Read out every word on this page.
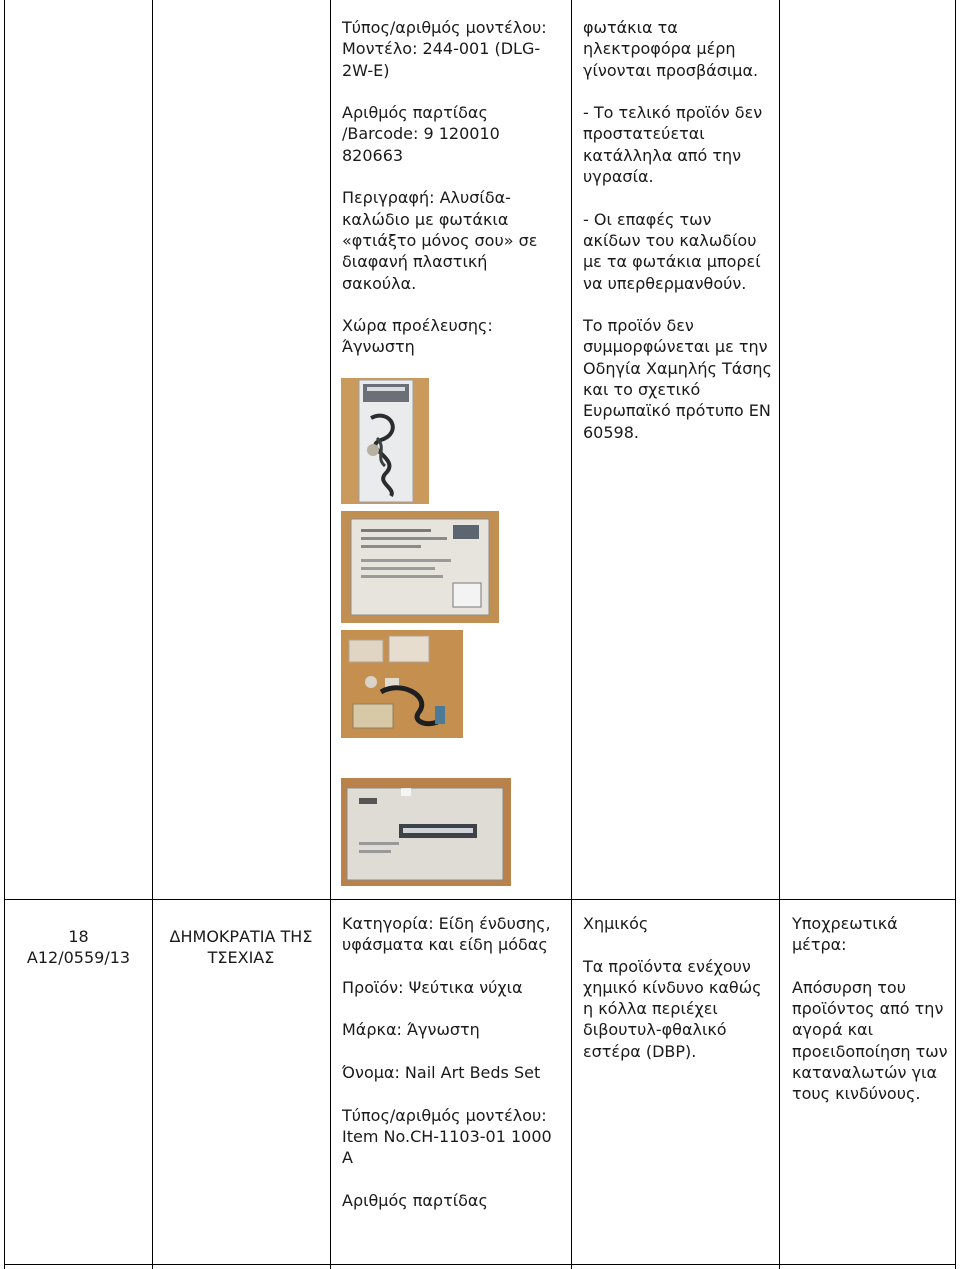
Τύπος/αριθμός μοντέλου: Μοντέλο: 244-001 (DLG-2W-E)

Αριθμός παρτίδας /Barcode: 9 120010 820663

Περιγραφή: Αλυσίδα-καλώδιο με φωτάκια «φτιάξτο μόνος σου» σε διαφανή πλαστική σακούλα.

Χώρα προέλευσης: Άγνωστη

φωτάκια τα ηλεκτροφόρα μέρη γίνονται προσβάσιμα.

- Το τελικό προϊόν δεν προστατεύεται κατάλληλα από την υγρασία.

- Οι επαφές των ακίδων του καλωδίου με τα φωτάκια μπορεί να υπερθερμανθούν.

Το προϊόν δεν συμμορφώνεται με την Οδηγία Χαμηλής Τάσης και το σχετικό Ευρωπαϊκό πρότυπο EN 60598.

18
A12/0559/13
ΔΗΜΟΚΡΑΤΙΑ ΤΗΣ ΤΣΕΧΙΑΣ

Κατηγορία: Είδη ένδυσης, υφάσματα και είδη μόδας

Προϊόν: Ψεύτικα νύχια

Μάρκα: Άγνωστη

Όνομα: Nail Art Beds Set

Τύπος/αριθμός μοντέλου: Item No.CH-1103-01 1000 A

Αριθμός παρτίδας

Χημικός

Τα προϊόντα ενέχουν χημικό κίνδυνο καθώς η κόλλα περιέχει διβουτυλ-φθαλικό εστέρα (DBP).

Υποχρεωτικά μέτρα:

Απόσυρση του προϊόντος από την αγορά και προειδοποίηση των καταναλωτών για τους κινδύνους.
